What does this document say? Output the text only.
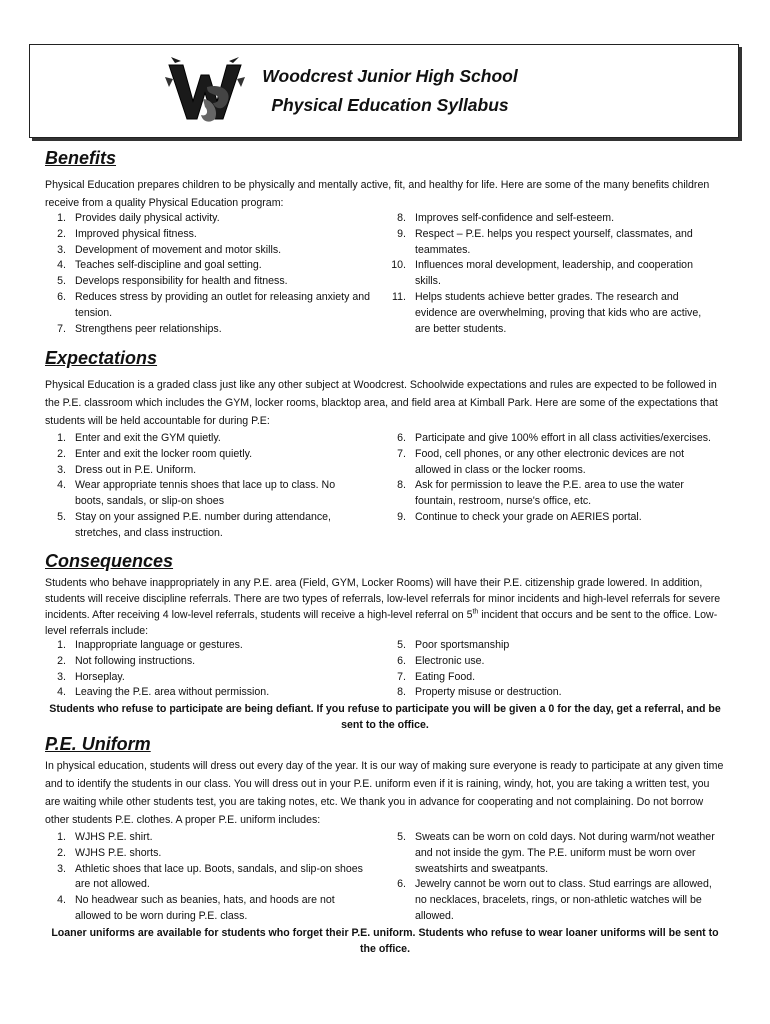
Woodcrest Junior High School
Physical Education Syllabus
Benefits

Physical Education prepares children to be physically and mentally active, fit, and healthy for life. Here are some of the many benefits children receive from a quality Physical Education program:

1. Provides daily physical activity.
2. Improved physical fitness.
3. Development of movement and motor skills.
4. Teaches self-discipline and goal setting.
5. Develops responsibility for health and fitness.
6. Reduces stress by providing an outlet for releasing anxiety and tension.
7. Strengthens peer relationships.
8. Improves self-confidence and self-esteem.
9. Respect – P.E. helps you respect yourself, classmates, and teammates.
10. Influences moral development, leadership, and cooperation skills.
11. Helps students achieve better grades. The research and evidence are overwhelming, proving that kids who are active, are better students.
Expectations

Physical Education is a graded class just like any other subject at Woodcrest. Schoolwide expectations and rules are expected to be followed in the P.E. classroom which includes the GYM, locker rooms, blacktop area, and field area at Kimball Park. Here are some of the expectations that students will be held accountable for during P.E:

1. Enter and exit the GYM quietly.
2. Enter and exit the locker room quietly.
3. Dress out in P.E. Uniform.
4. Wear appropriate tennis shoes that lace up to class. No boots, sandals, or slip-on shoes
5. Stay on your assigned P.E. number during attendance, stretches, and class instruction.
6. Participate and give 100% effort in all class activities/exercises.
7. Food, cell phones, or any other electronic devices are not allowed in class or the locker rooms.
8. Ask for permission to leave the P.E. area to use the water fountain, restroom, nurse's office, etc.
9. Continue to check your grade on AERIES portal.
Consequences

Students who behave inappropriately in any P.E. area (Field, GYM, Locker Rooms) will have their P.E. citizenship grade lowered. In addition, students will receive discipline referrals. There are two types of referrals, low-level referrals for minor incidents and high-level referrals for severe incidents. After receiving 4 low-level referrals, students will receive a high-level referral on 5th incident that occurs and be sent to the office. Low-level referrals include:

1. Inappropriate language or gestures.
2. Not following instructions.
3. Horseplay.
4. Leaving the P.E. area without permission.
5. Poor sportsmanship
6. Electronic use.
7. Eating Food.
8. Property misuse or destruction.

Students who refuse to participate are being defiant. If you refuse to participate you will be given a 0 for the day, get a referral, and be sent to the office.

P.E. Uniform

In physical education, students will dress out every day of the year. It is our way of making sure everyone is ready to participate at any given time and to identify the students in our class. You will dress out in your P.E. uniform even if it is raining, windy, hot, you are taking a written test, you are waiting while other students test, you are taking notes, etc. We thank you in advance for cooperating and not complaining. Do not borrow other students P.E. clothes. A proper P.E. uniform includes:

1. WJHS P.E. shirt.
2. WJHS P.E. shorts.
3. Athletic shoes that lace up. Boots, sandals, and slip-on shoes are not allowed.
4. No headwear such as beanies, hats, and hoods are not allowed to be worn during P.E. class.
5. Sweats can be worn on cold days. Not during warm/not weather and not inside the gym. The P.E. uniform must be worn over sweatshirts and sweatpants.
6. Jewelry cannot be worn out to class. Stud earrings are allowed, no necklaces, bracelets, rings, or non-athletic watches will be allowed.

Loaner uniforms are available for students who forget their P.E. uniform. Students who refuse to wear loaner uniforms will be sent to the office.
